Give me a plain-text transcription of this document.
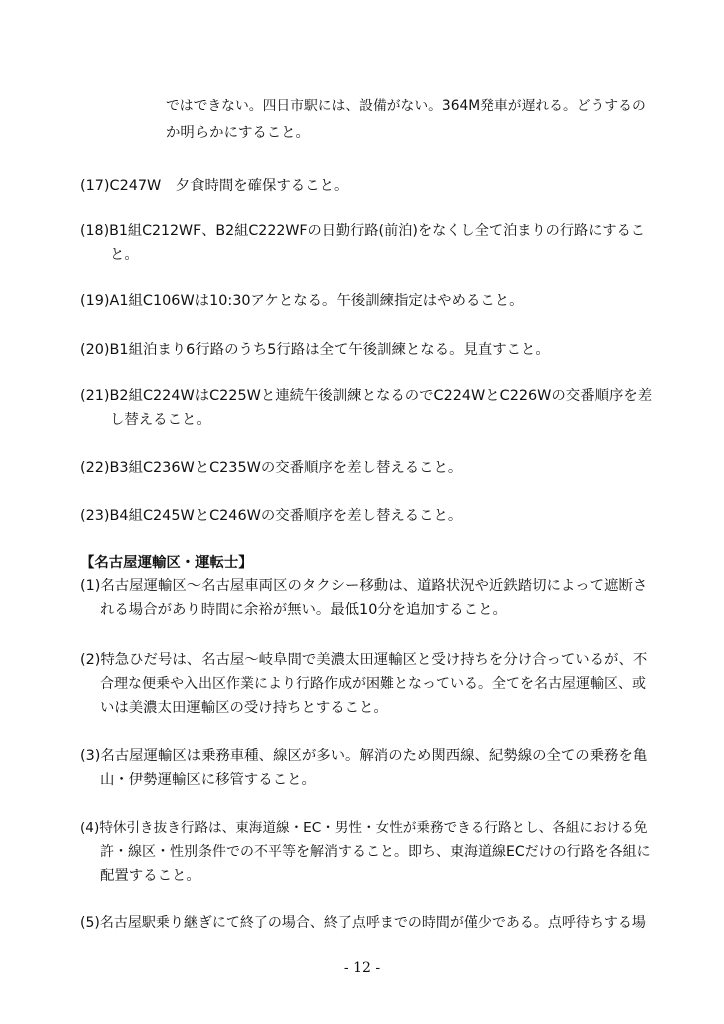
ではできない。四日市駅には、設備がない。364M発車が遅れる。どうするの
か明らかにすること。
(17)C247W　夕食時間を確保すること。
(18)B1組C212WF、B2組C222WFの日勤行路(前泊)をなくし全て泊まりの行路にするこ
と。
(19)A1組C106Wは10:30アケとなる。午後訓練指定はやめること。
(20)B1組泊まり6行路のうち5行路は全て午後訓練となる。見直すこと。
(21)B2組C224WはC225Wと連続午後訓練となるのでC224WとC226Wの交番順序を差
し替えること。
(22)B3組C236WとC235Wの交番順序を差し替えること。
(23)B4組C245WとC246Wの交番順序を差し替えること。
【名古屋運輸区・運転士】
(1)名古屋運輸区～名古屋車両区のタクシー移動は、道路状況や近鉄踏切によって遮断さ
れる場合があり時間に余裕が無い。最低10分を追加すること。
(2)特急ひだ号は、名古屋～岐阜間で美濃太田運輸区と受け持ちを分け合っているが、不
合理な便乗や入出区作業により行路作成が困難となっている。全てを名古屋運輸区、或
いは美濃太田運輸区の受け持ちとすること。
(3)名古屋運輸区は乗務車種、線区が多い。解消のため関西線、紀勢線の全ての乗務を亀
山・伊勢運輸区に移管すること。
(4)特休引き抜き行路は、東海道線・EC・男性・女性が乗務できる行路とし、各組における免
許・線区・性別条件での不平等を解消すること。即ち、東海道線ECだけの行路を各組に
配置すること。
(5)名古屋駅乗り継ぎにて終了の場合、終了点呼までの時間が僅少である。点呼待ちする場
- 12 -
